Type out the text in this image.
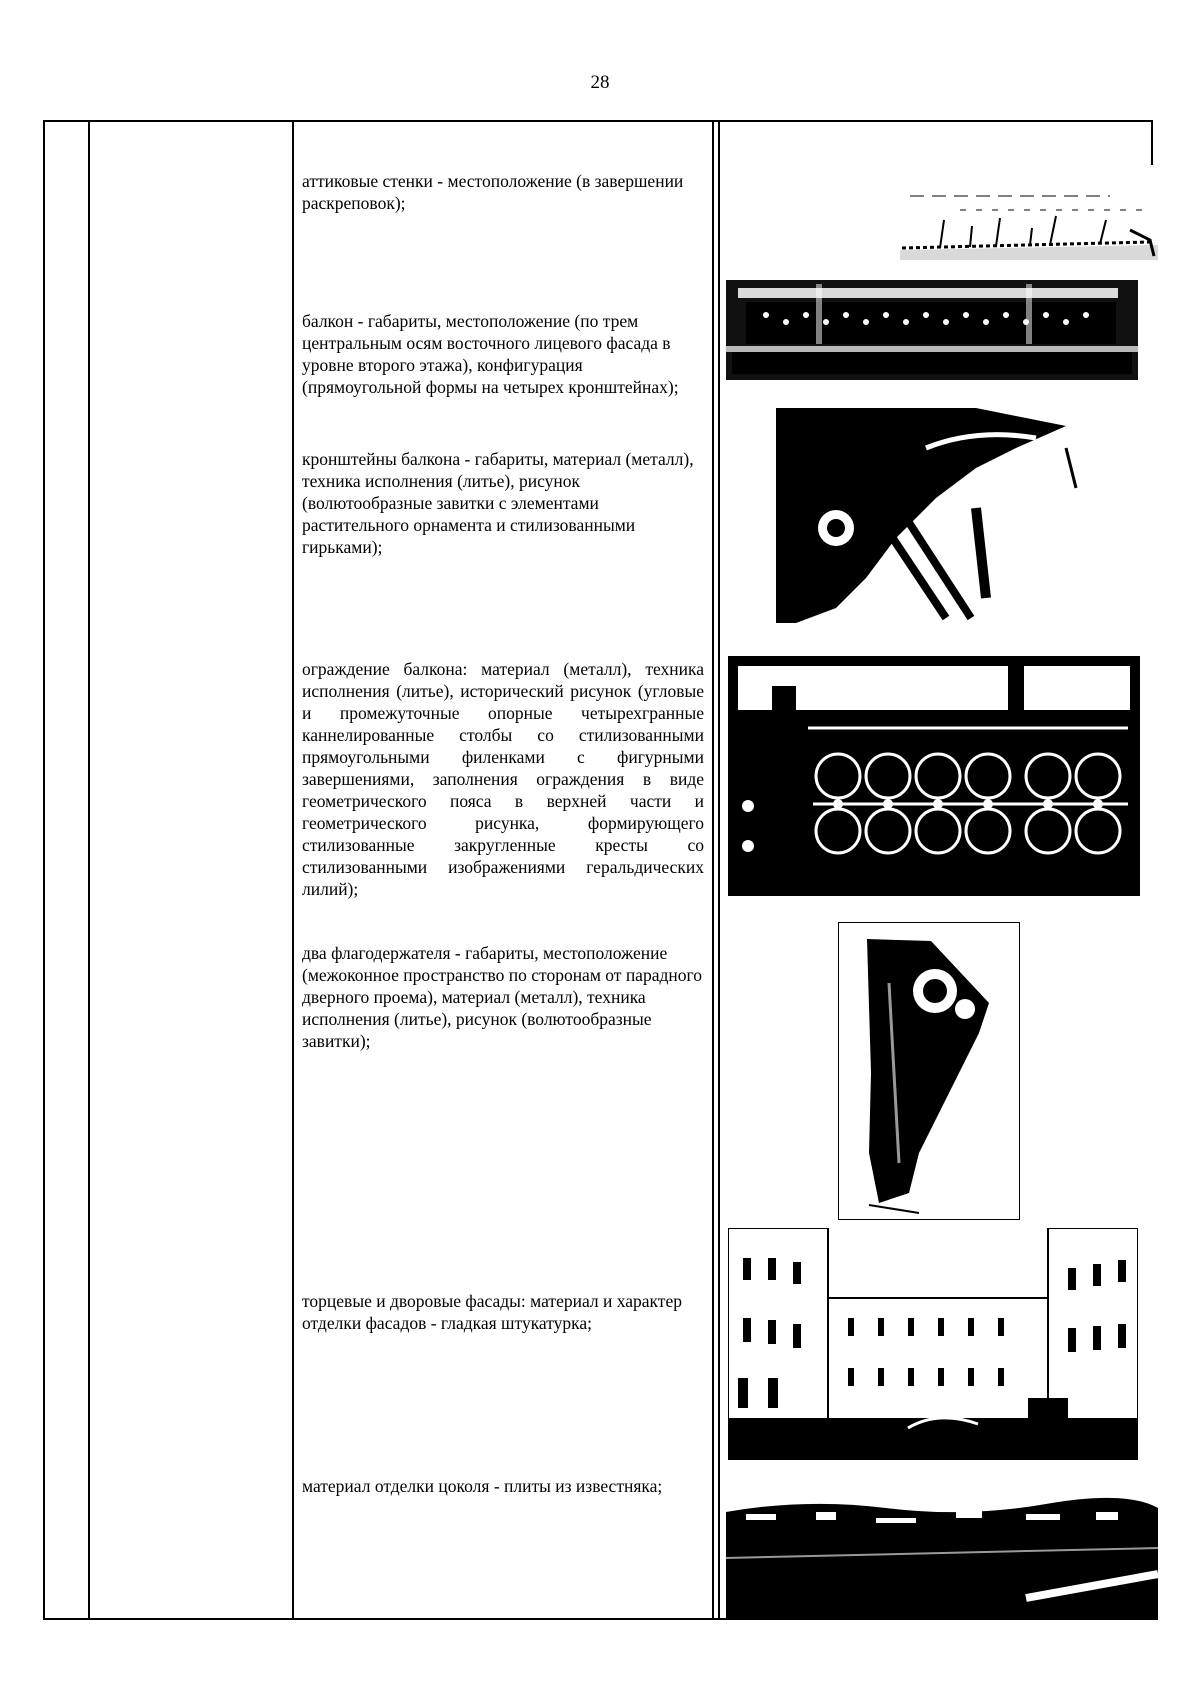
28
аттиковые стенки - местоположение (в завершении раскреповок);
балкон - габариты, местоположение (по трем центральным осям восточного лицевого фасада в уровне второго этажа), конфигурация (прямоугольной формы на четырех кронштейнах);
кронштейны балкона - габариты, материал (металл), техника исполнения (литье), рисунок (волютообразные завитки с элементами растительного орнамента и стилизованными гирьками);
ограждение балкона: материал (металл), техника исполнения (литье), исторический рисунок (угловые и промежуточные опорные четырехгранные каннелированные столбы со стилизованными прямоугольными филенками с фигурными завершениями, заполнения ограждения в виде геометрического пояса в верхней части и геометрического рисунка, формирующего стилизованные закругленные кресты со стилизованными изображениями геральдических лилий);
два флагодержателя - габариты, местоположение (межоконное пространство по сторонам от парадного дверного проема), материал (металл), техника исполнения (литье), рисунок (волютообразные завитки);
торцевые и дворовые фасады: материал и характер отделки фасадов - гладкая штукатурка;
материал отделки цоколя - плиты из известняка;
